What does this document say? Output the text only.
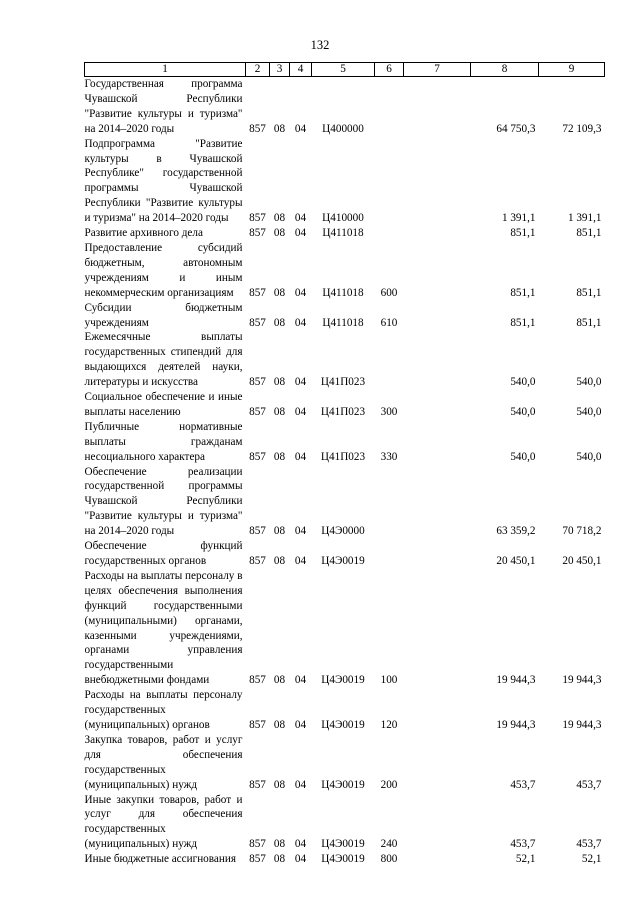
132
1	2	3	4	5	6	7	8	9
Государственная программа Чувашской Республики "Развитие культуры и туризма" на 2014–2020 годы	857	08	04	Ц400000			64 750,3	72 109,3
Подпрограмма "Развитие культуры в Чувашской Республике" государственной программы Чувашской Республики "Развитие культуры и туризма" на 2014–2020 годы	857	08	04	Ц410000			1 391,1	1 391,1
Развитие архивного дела	857	08	04	Ц411018			851,1	851,1
Предоставление субсидий бюджетным, автономным учреждениям и иным некоммерческим организациям	857	08	04	Ц411018	600		851,1	851,1
Субсидии бюджетным учреждениям	857	08	04	Ц411018	610		851,1	851,1
Ежемесячные выплаты государственных стипендий для выдающихся деятелей науки, литературы и искусства	857	08	04	Ц41П023			540,0	540,0
Социальное обеспечение и иные выплаты населению	857	08	04	Ц41П023	300		540,0	540,0
Публичные нормативные выплаты гражданам несоциального характера	857	08	04	Ц41П023	330		540,0	540,0
Обеспечение реализации государственной программы Чувашской Республики "Развитие культуры и туризма" на 2014–2020 годы	857	08	04	Ц4Э0000			63 359,2	70 718,2
Обеспечение функций государственных органов	857	08	04	Ц4Э0019			20 450,1	20 450,1
Расходы на выплаты персоналу в целях обеспечения выполнения функций государственными (муниципальными) органами, казенными учреждениями, органами управления государственными внебюджетными фондами	857	08	04	Ц4Э0019	100		19 944,3	19 944,3
Расходы на выплаты персоналу государственных (муниципальных) органов	857	08	04	Ц4Э0019	120		19 944,3	19 944,3
Закупка товаров, работ и услуг для обеспечения государственных (муниципальных) нужд	857	08	04	Ц4Э0019	200		453,7	453,7
Иные закупки товаров, работ и услуг для обеспечения государственных (муниципальных) нужд	857	08	04	Ц4Э0019	240		453,7	453,7
Иные бюджетные ассигнования	857	08	04	Ц4Э0019	800		52,1	52,1
